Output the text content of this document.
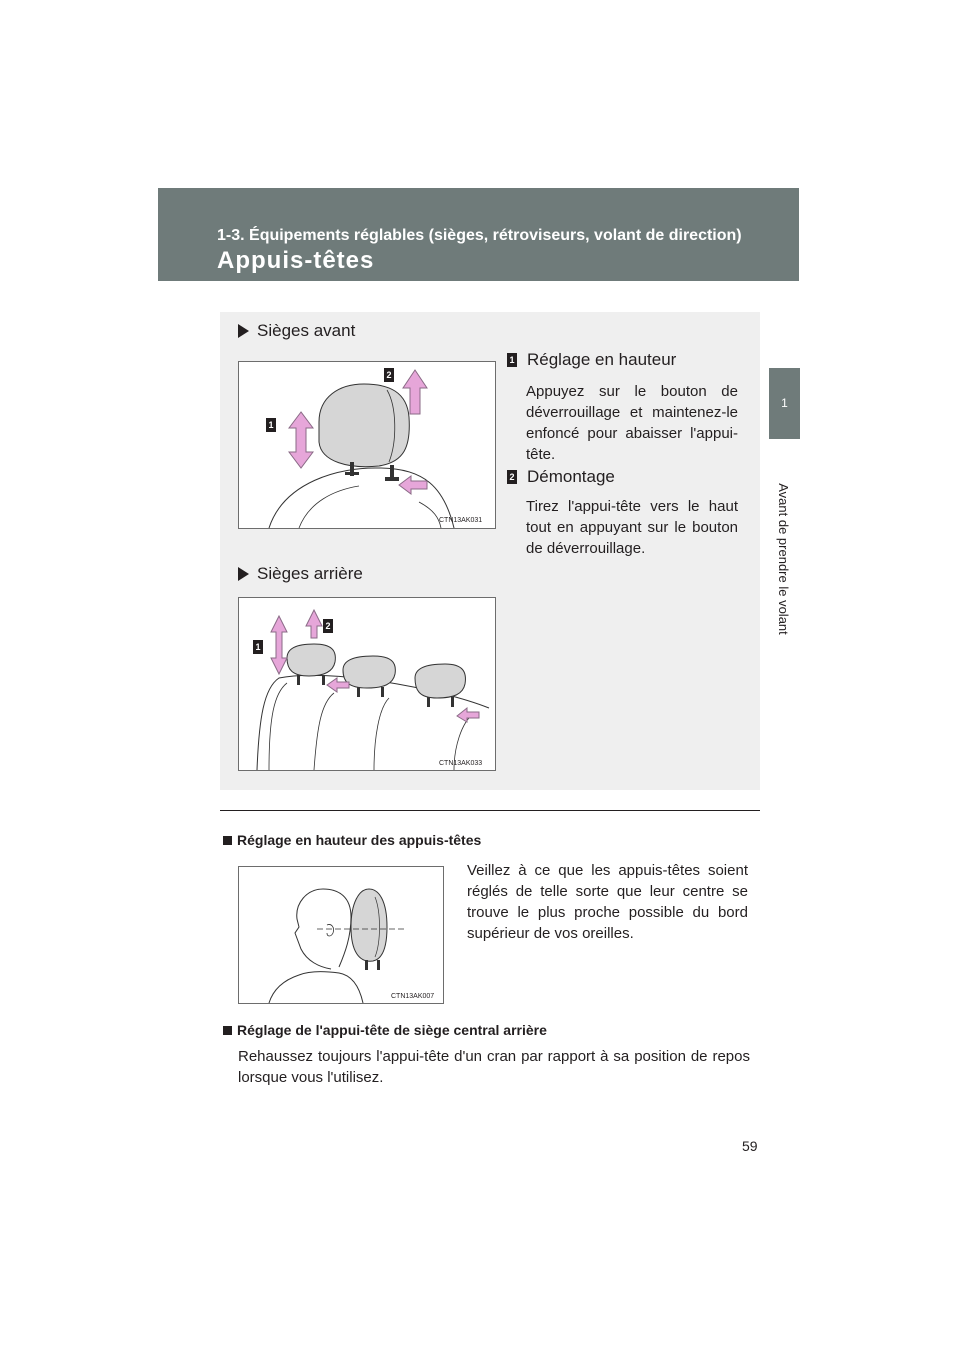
1-3. Équipements réglables (sièges, rétroviseurs, volant de direction)
Appuis-têtes
1
Avant de prendre le volant
Sièges avant
CTN13AK031
1
2
1 Réglage en hauteur
Appuyez sur le bouton de déverrouillage et maintenez-le enfoncé pour abaisser l'appui-tête.
2 Démontage
Tirez l'appui-tête vers le haut tout en appuyant sur le bouton de déverrouillage.
Sièges arrière
CTN13AK033
1
2
Réglage en hauteur des appuis-têtes
CTN13AK007
Veillez à ce que les appuis-têtes soient réglés de telle sorte que leur centre se trouve le plus proche possible du bord supérieur de vos oreilles.
Réglage de l'appui-tête de siège central arrière
Rehaussez toujours l'appui-tête d'un cran par rapport à sa position de repos lorsque vous l'utilisez.
59
